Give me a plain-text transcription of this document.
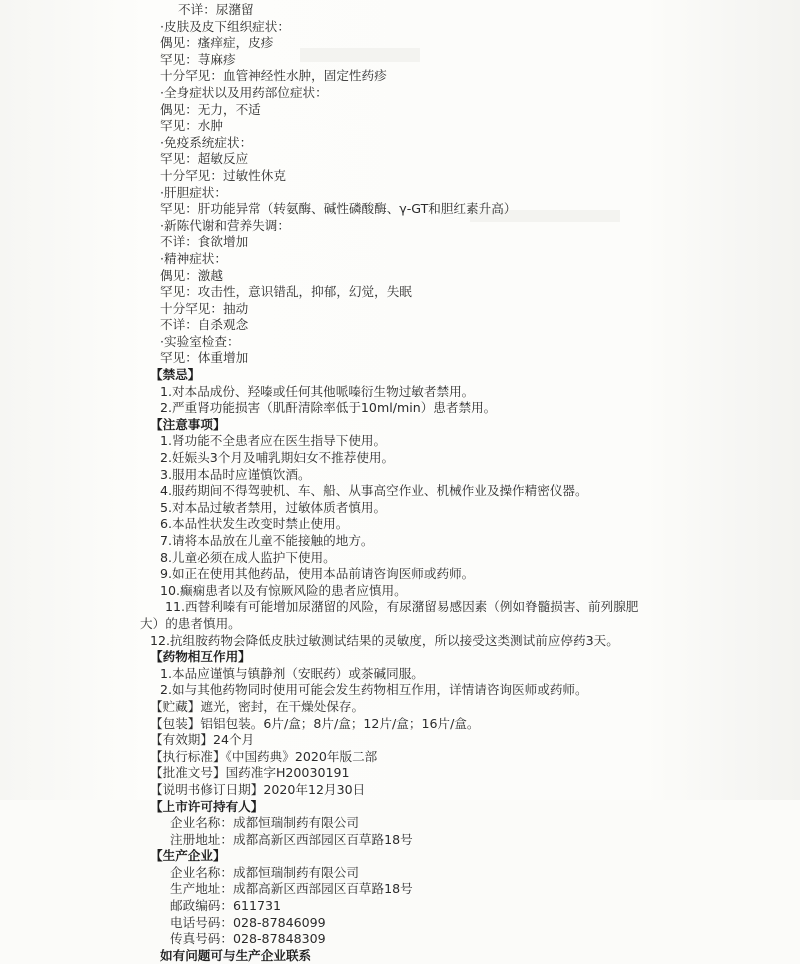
不详：尿潴留
·皮肤及皮下组织症状：
偶见：瘙痒症，皮疹
罕见：荨麻疹
十分罕见：血管神经性水肿，固定性药疹
·全身症状以及用药部位症状：
偶见：无力，不适
罕见：水肿
·免疫系统症状：
罕见：超敏反应
十分罕见：过敏性休克
·肝胆症状：
罕见：肝功能异常（转氨酶、碱性磷酸酶、γ-GT和胆红素升高）
·新陈代谢和营养失调：
不详：食欲增加
·精神症状：
偶见：激越
罕见：攻击性，意识错乱，抑郁，幻觉，失眠
十分罕见：抽动
不详：自杀观念
·实验室检查：
罕见：体重增加
【禁忌】
1.对本品成份、羟嗪或任何其他哌嗪衍生物过敏者禁用。
2.严重肾功能损害（肌酐清除率低于10ml/min）患者禁用。
【注意事项】
1.肾功能不全患者应在医生指导下使用。
2.妊娠头3个月及哺乳期妇女不推荐使用。
3.服用本品时应谨慎饮酒。
4.服药期间不得驾驶机、车、船、从事高空作业、机械作业及操作精密仪器。
5.对本品过敏者禁用，过敏体质者慎用。
6.本品性状发生改变时禁止使用。
7.请将本品放在儿童不能接触的地方。
8.儿童必须在成人监护下使用。
9.如正在使用其他药品，使用本品前请咨询医师或药师。
10.癫痫患者以及有惊厥风险的患者应慎用。
11.西替利嗪有可能增加尿潴留的风险，有尿潴留易感因素（例如脊髓损害、前列腺肥
大）的患者慎用。
12.抗组胺药物会降低皮肤过敏测试结果的灵敏度，所以接受这类测试前应停药3天。
【药物相互作用】
1.本品应谨慎与镇静剂（安眠药）或茶碱同服。
2.如与其他药物同时使用可能会发生药物相互作用，详情请咨询医师或药师。
【贮藏】遮光，密封，在干燥处保存。
【包装】铝铝包装。6片/盒；8片/盒；12片/盒；16片/盒。
【有效期】24个月
【执行标准】《中国药典》2020年版二部
【批准文号】国药准字H20030191
【说明书修订日期】2020年12月30日
【上市许可持有人】
企业名称：成都恒瑞制药有限公司
注册地址：成都高新区西部园区百草路18号
【生产企业】
企业名称：成都恒瑞制药有限公司
生产地址：成都高新区西部园区百草路18号
邮政编码：611731
电话号码：028-87846099
传真号码：028-87848309
如有问题可与生产企业联系
